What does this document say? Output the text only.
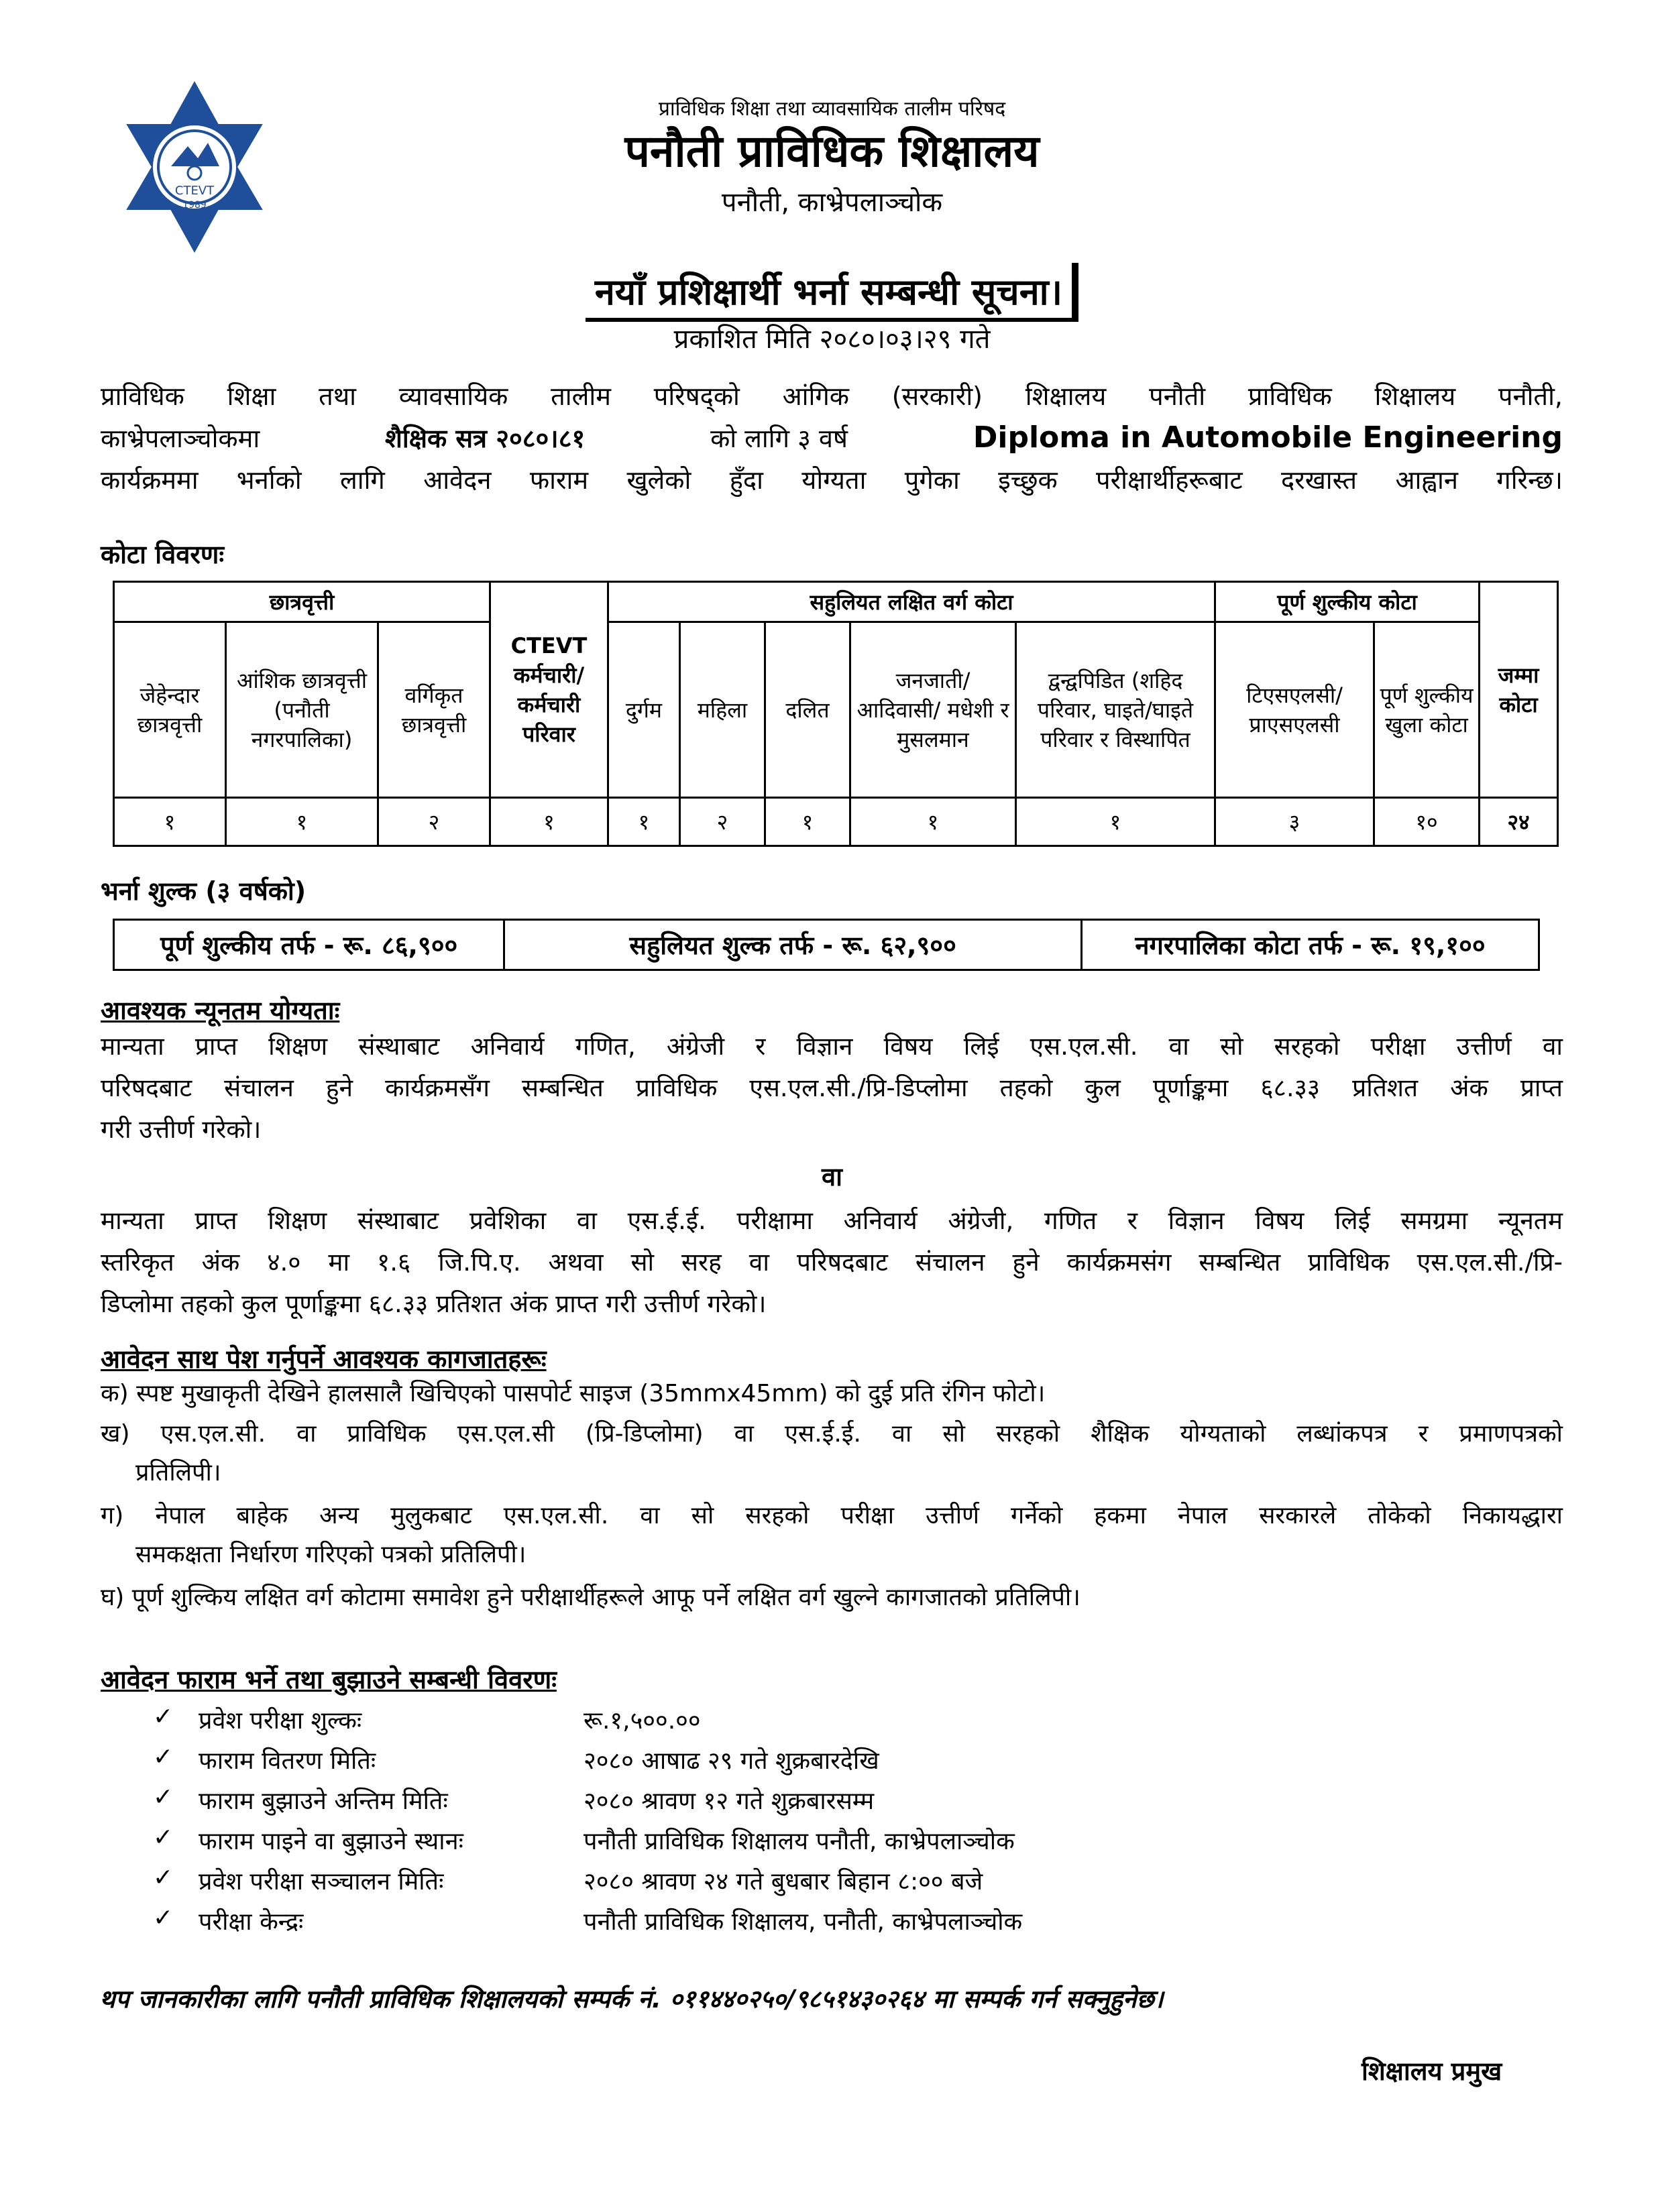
CTEVT
1989
प्राविधिक शिक्षा तथा व्यावसायिक तालीम परिषद
पनौती प्राविधिक शिक्षालय
पनौती, काभ्रेपलाञ्चोक
नयाँ प्रशिक्षार्थी भर्ना सम्बन्धी सूचना।
प्रकाशित मिति २०८०।०३।२९ गते
प्राविधिक शिक्षा तथा व्यावसायिक तालीम परिषद्को आंगिक (सरकारी) शिक्षालय पनौती प्राविधिक शिक्षालय पनौती,
काभ्रेपलाञ्चोकमा	शैक्षिक सत्र २०८०।८१	को लागि ३ वर्ष	Diploma in Automobile Engineering
कार्यक्रममा भर्नाको लागि आवेदन फाराम खुलेको हुँदा योग्यता पुगेका इच्छुक परीक्षार्थीहरूबाट दरखास्त आह्वान गरिन्छ।
कोटा विवरणः
छात्रवृत्ती			CTEVT कर्मचारी/ कर्मचारी परिवार	सहुलियत लक्षित वर्ग कोटा					पूर्ण शुल्कीय कोटा		जम्मा कोटा
जेहेन्दार छात्रवृत्ती	आंशिक छात्रवृत्ती (पनौती नगरपालिका)	वर्गिकृत छात्रवृत्ती		दुर्गम	महिला	दलित	जनजाती/ आदिवासी/ मधेशी र मुसलमान	द्वन्द्वपिडित (शहिद परिवार, घाइते/घाइते परिवार र विस्थापित	टिएसएलसी/ प्राएसएलसी	पूर्ण शुल्कीय खुला कोटा	
१	१	२	१	१	२	१	१	१	३	१०	२४
भर्ना शुल्क (३ वर्षको)
पूर्ण शुल्कीय तर्फ - रू. ८६,९००	सहुलियत शुल्क तर्फ - रू. ६२,९००	नगरपालिका कोटा तर्फ - रू. १९,१००
आवश्यक न्यूनतम योग्यताः
मान्यता प्राप्त शिक्षण संस्थाबाट अनिवार्य गणित, अंग्रेजी र विज्ञान विषय लिई एस.एल.सी. वा सो सरहको परीक्षा उत्तीर्ण वा
परिषदबाट संचालन हुने कार्यक्रमसँग सम्बन्धित प्राविधिक एस.एल.सी./प्रि-डिप्लोमा तहको कुल पूर्णाङ्कमा ६८.३३ प्रतिशत अंक प्राप्त
गरी उत्तीर्ण गरेको।
वा
मान्यता प्राप्त शिक्षण संस्थाबाट प्रवेशिका वा एस.ई.ई. परीक्षामा अनिवार्य अंग्रेजी, गणित र विज्ञान विषय लिई समग्रमा न्यूनतम
स्तरिकृत अंक ४.० मा १.६ जि.पि.ए. अथवा सो सरह वा परिषदबाट संचालन हुने कार्यक्रमसंग सम्बन्धित प्राविधिक एस.एल.सी./प्रि-
डिप्लोमा तहको कुल पूर्णाङ्कमा ६८.३३ प्रतिशत अंक प्राप्त गरी उत्तीर्ण गरेको।
आवेदन साथ पेश गर्नुपर्ने आवश्यक कागजातहरूः
क) स्पष्ट मुखाकृती देखिने हालसालै खिचिएको पासपोर्ट साइज (35mmx45mm) को दुई प्रति रंगिन फोटो।
ख) एस.एल.सी. वा प्राविधिक एस.एल.सी (प्रि-डिप्लोमा) वा एस.ई.ई. वा सो सरहको शैक्षिक योग्यताको लब्धांकपत्र र प्रमाणपत्रको
प्रतिलिपी।
ग) नेपाल बाहेक अन्य मुलुकबाट एस.एल.सी. वा सो सरहको परीक्षा उत्तीर्ण गर्नेको हकमा नेपाल सरकारले तोकेको निकायद्धारा
समकक्षता निर्धारण गरिएको पत्रको प्रतिलिपी।
घ) पूर्ण शुल्किय लक्षित वर्ग कोटामा समावेश हुने परीक्षार्थीहरूले आफू पर्ने लक्षित वर्ग खुल्ने कागजातको प्रतिलिपी।
आवेदन फाराम भर्ने तथा बुझाउने सम्बन्धी विवरणः
✓ प्रवेश परीक्षा शुल्कः	रू.१,५००.००
✓ फाराम वितरण मितिः	२०८० आषाढ २९ गते शुक्रबारदेखि
✓ फाराम बुझाउने अन्तिम मितिः	२०८० श्रावण १२ गते शुक्रबारसम्म
✓ फाराम पाइने वा बुझाउने स्थानः	पनौती प्राविधिक शिक्षालय पनौती, काभ्रेपलाञ्चोक
✓ प्रवेश परीक्षा सञ्चालन मितिः	२०८० श्रावण २४ गते बुधबार बिहान ८:०० बजे
✓ परीक्षा केन्द्रः	पनौती प्राविधिक शिक्षालय, पनौती, काभ्रेपलाञ्चोक
थप जानकारीका लागि पनौती प्राविधिक शिक्षालयको सम्पर्क नं. ०११४४०२५०/९८५१४३०२६४ मा सम्पर्क गर्न सक्नुहुनेछ।
शिक्षालय प्रमुख
